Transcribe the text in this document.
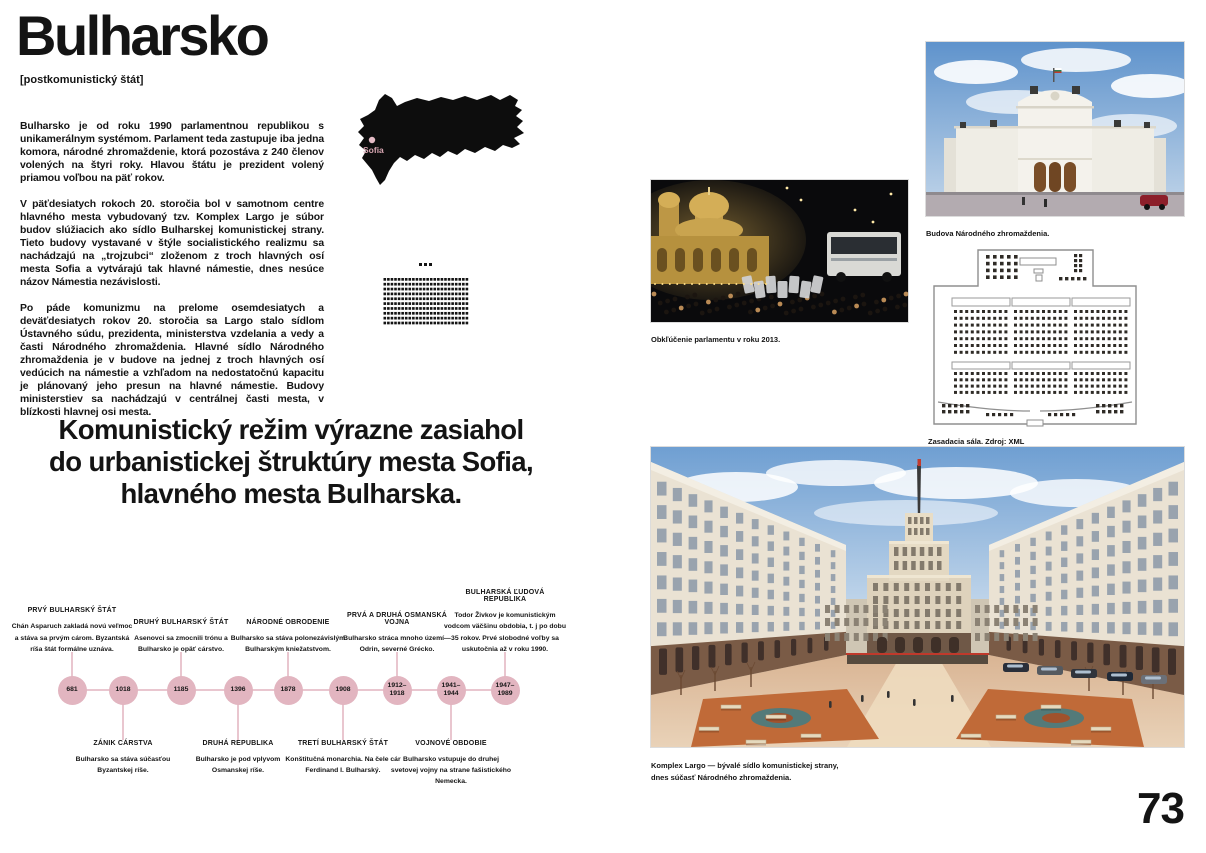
Bulharsko
[postkomunistický štát]

Bulharsko je od roku 1990 parlamentnou republikou s unikamerálnym systémom. Parlament teda zastupuje iba jedna komora, národné zhromaždenie, ktorá pozostáva z 240 členov volených na štyri roky. Hlavou štátu je prezident volený priamou voľbou na päť rokov.

V päťdesiatych rokoch 20. storočia bol v samotnom centre hlavného mesta vybudovaný tzv. Komplex Largo je súbor budov slúžiacich ako sídlo Bulharskej komunistickej strany. Tieto budovy vystavané v štýle socialistického realizmu sa nachádzajú na „trojzubci“ zloženom z troch hlavných osí mesta Sofia a vytvárajú tak hlavné námestie, dnes nesúce názov Námestia nezávislosti.

Po páde komunizmu na prelome osemdesiatych a deväťdesiatych rokov 20. storočia sa Largo stalo sídlom Ústavného súdu, prezidenta, ministerstva vzdelania a vedy a časti Národného zhromaždenia. Hlavné sídlo Národného zhromaždenia je v budove na jednej z troch hlavných osí vedúcich na námestie a vzhľadom na nedostatočnú kapacitu je plánovaný jeho presun na hlavné námestie. Budovy ministerstiev sa nachádzajú v centrálnej časti mesta, v blízkosti hlavnej osi mesta.

Sofia
Komunistický režim výrazne zasiahol
do urbanistickej štruktúry mesta Sofia,
hlavného mesta Bulharska.
681
PRVÝ BULHARSKÝ ŠTÁT
Chán Asparuch zakladá novú veľmoc a stáva sa prvým cárom. Byzantská ríša štát formálne uznáva.
1018
ZÁNIK CÁRSTVA
Bulharsko sa stáva súčasťou Byzantskej ríše.
1185
DRUHÝ BULHARSKÝ ŠTÁT
Asenovci sa zmocnili trónu a Bulharsko je opäť cárstvo.
1396
DRUHÁ REPUBLIKA
Bulharsko je pod vplyvom Osmanskej ríše.
1878
NÁRODNÉ OBRODENIE
Bulharsko sa stáva polonezávislým Bulharským kniežatstvom.
1908
TRETÍ BULHARSKÝ ŠTÁT
Konštitučná monarchia. Na čele cár Ferdinand I. Bulharský.
1912–
1918
PRVÁ A DRUHÁ OSMANSKÁ VOJNA
Bulharsko stráca mnoho území— Odrin, severné Grécko.
1941–
1944
VOJNOVÉ OBDOBIE
Bulharsko vstupuje do druhej svetovej vojny na strane fašistického Nemecka.
1947–
1989
BULHARSKÁ ĽUDOVÁ REPUBLIKA
Todor Živkov je komunistickým vodcom väčšinu obdobia, t. j po dobu 35 rokov. Prvé slobodné voľby sa uskutočnia až v roku 1990.
Obkľúčenie parlamentu v roku 2013.
Budova Národného zhromaždenia.
Zasadacia sála. Zdroj: XML
Komplex Largo — bývalé sídlo komunistickej strany,
dnes súčasť Národného zhromaždenia.
73
